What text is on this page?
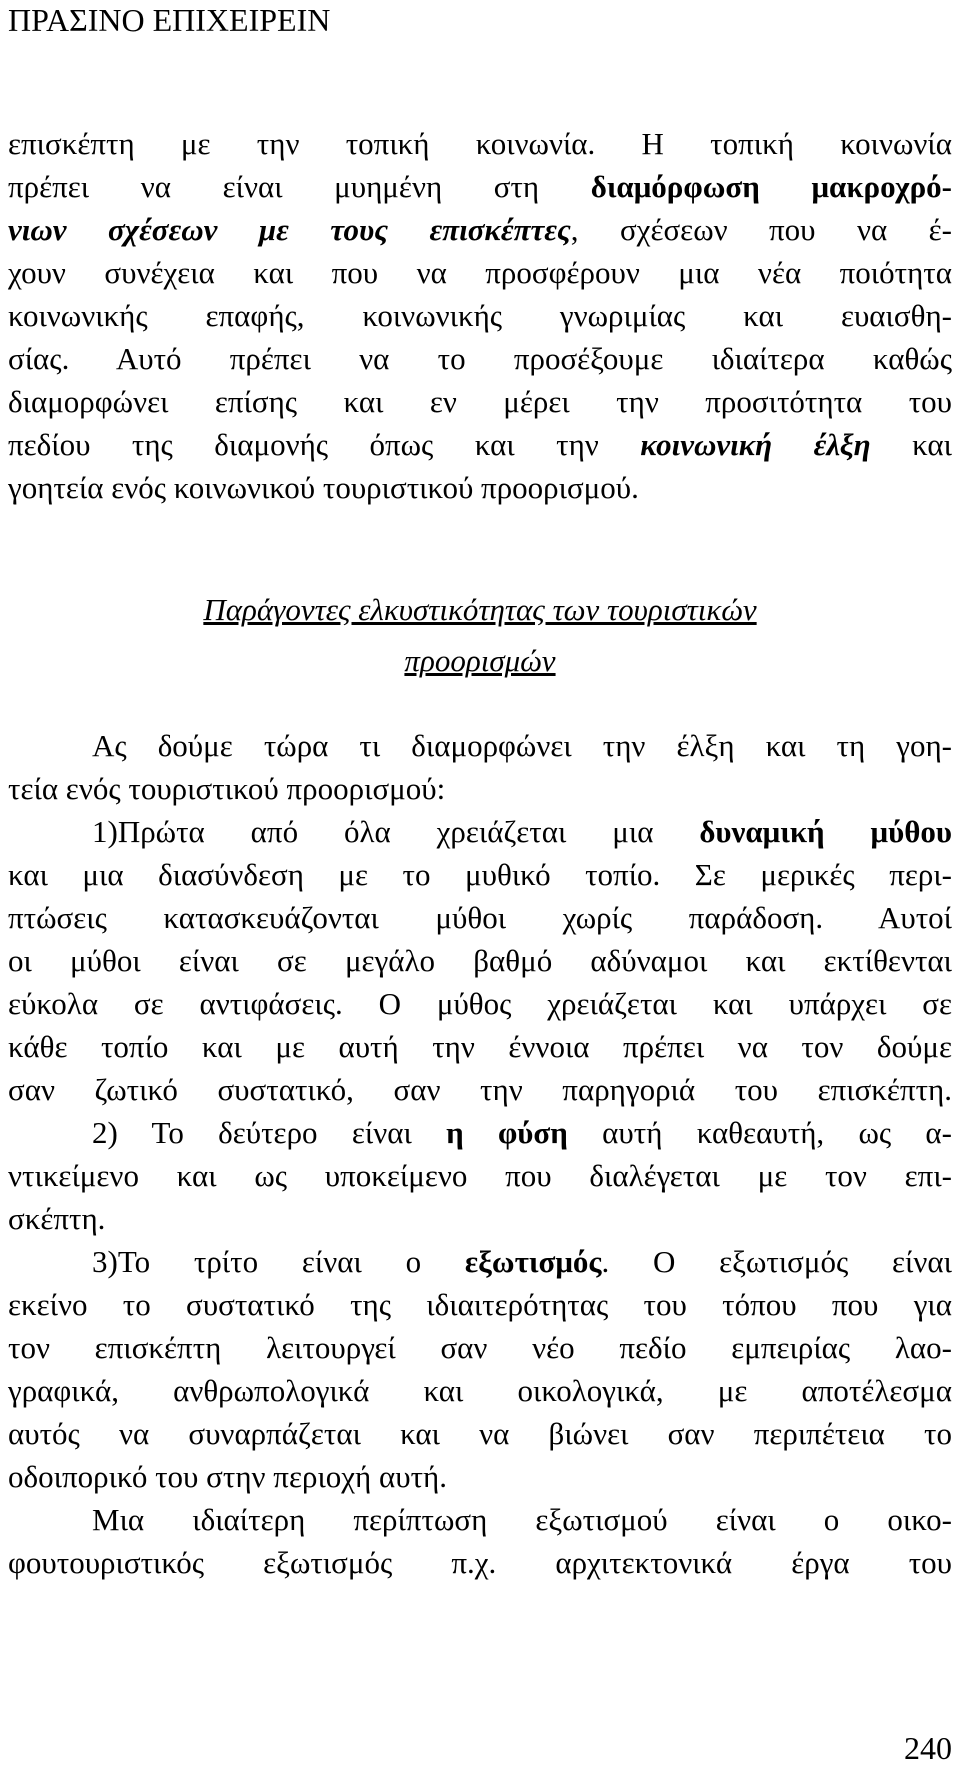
ΠΡΑΣΙΝΟ ΕΠΙΧΕΙΡΕΙΝ
επισκέπτη με την τοπική κοινωνία. Η τοπική κοινωνία
πρέπει να είναι μυημένη στη διαμόρφωση μακροχρό-
νιων σχέσεων με τους επισκέπτες, σχέσεων που να έ-
χουν συνέχεια και που να προσφέρουν μια νέα ποιότητα
κοινωνικής επαφής, κοινωνικής γνωριμίας και ευαισθη-
σίας. Αυτό πρέπει να το προσέξουμε ιδιαίτερα καθώς
διαμορφώνει επίσης και εν μέρει την προσιτότητα του
πεδίου της διαμονής όπως και την κοινωνική έλξη και
γοητεία ενός κοινωνικού τουριστικού προορισμού.
Παράγοντες ελκυστικότητας των τουριστικών
προορισμών
Ας δούμε τώρα τι διαμορφώνει την έλξη και τη γοη-
τεία ενός τουριστικού προορισμού:
1)Πρώτα από όλα χρειάζεται μια δυναμική μύθου
και μια διασύνδεση με το μυθικό τοπίο. Σε μερικές περι-
πτώσεις κατασκευάζονται μύθοι χωρίς παράδοση. Αυτοί
οι μύθοι είναι σε μεγάλο βαθμό αδύναμοι και εκτίθενται
εύκολα σε αντιφάσεις. Ο μύθος χρειάζεται και υπάρχει σε
κάθε τοπίο και με αυτή την έννοια πρέπει να τον δούμε
σαν ζωτικό συστατικό, σαν την παρηγοριά του επισκέπτη.
2) Το δεύτερο είναι η φύση αυτή καθεαυτή, ως α-
ντικείμενο και ως υποκείμενο που διαλέγεται με τον επι-
σκέπτη.
3)Το τρίτο είναι ο εξωτισμός. Ο εξωτισμός είναι
εκείνο το συστατικό της ιδιαιτερότητας του τόπου που για
τον επισκέπτη λειτουργεί σαν νέο πεδίο εμπειρίας λαο-
γραφικά, ανθρωπολογικά και οικολογικά, με αποτέλεσμα
αυτός να συναρπάζεται και να βιώνει σαν περιπέτεια το
οδοιπορικό του στην περιοχή αυτή.
Μια ιδιαίτερη περίπτωση εξωτισμού είναι ο οικο-
φουτουριστικός εξωτισμός π.χ. αρχιτεκτονικά έργα του
240
